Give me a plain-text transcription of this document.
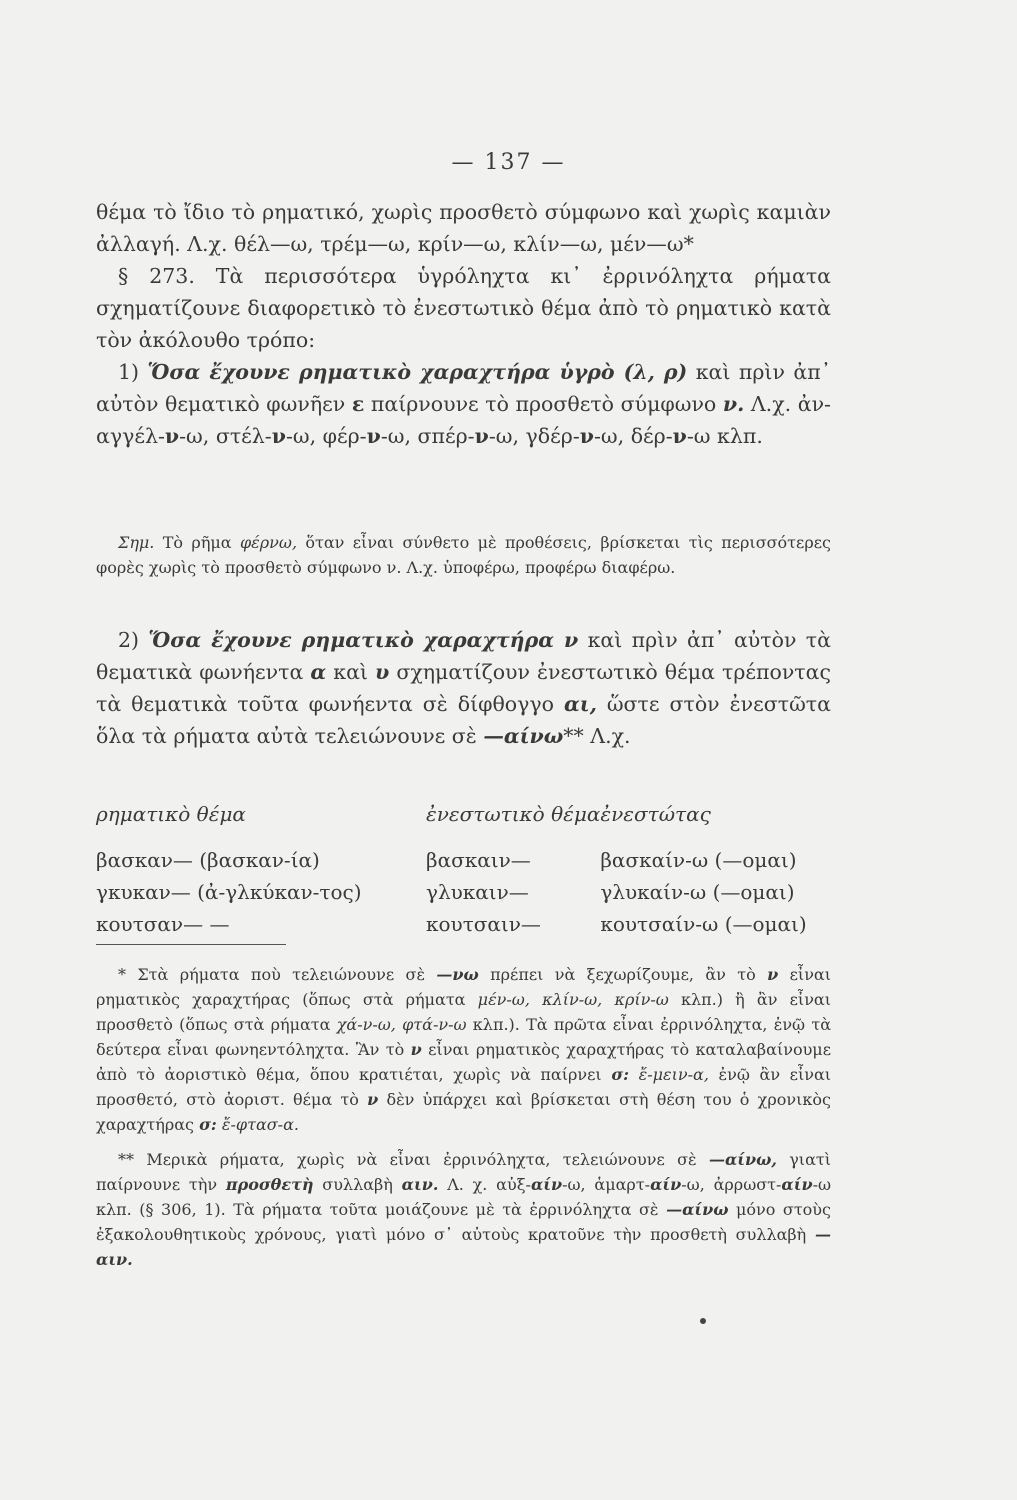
— 137 —

θέμα τὸ ἴδιο τὸ ρηματικό, χωρὶς προσθετὸ σύμφωνο καὶ χωρὶς καμιὰν ἀλλαγή. Λ.χ. θέλ—ω, τρέμ—ω, κρίν—ω, κλίν—ω, μέν—ω*

§ 273. Τὰ περισσότερα ὑγρόληχτα κι᾽ ἐρρινόληχτα ρήματα σχηματίζουνε διαφορετικὸ τὸ ἐνεστωτικὸ θέμα ἀπὸ τὸ ρηματικὸ κατὰ τὸν ἀκόλουθο τρόπο:

1) Ὅσα ἔχουνε ρηματικὸ χαραχτήρα ὑγρὸ (λ, ρ) καὶ πρὶν ἀπ᾽ αὐτὸν θεματικὸ φωνῆεν ε παίρνουνε τὸ προσθετὸ σύμφωνο ν. Λ.χ. ἀν-αγγέλ-ν-ω, στέλ-ν-ω, φέρ-ν-ω, σπέρ-ν-ω, γδέρ-ν-ω, δέρ-ν-ω κλπ.

Σημ. Τὸ ρῆμα φέρνω, ὅταν εἶναι σύνθετο μὲ προθέσεις, βρίσκεται τὶς περισσότερες φορὲς χωρὶς τὸ προσθετὸ σύμφωνο ν. Λ.χ. ὑποφέρω, προφέρω διαφέρω.

2) Ὅσα ἔχουνε ρηματικὸ χαραχτήρα ν καὶ πρὶν ἀπ᾽ αὐτὸν τὰ θεματικὰ φωνήεντα α καὶ υ σχηματίζουν ἐνεστωτικὸ θέμα τρέποντας τὰ θεματικὰ τοῦτα φωνήεντα σὲ δίφθογγο αι, ὥστε στὸν ἐνεστῶτα ὅλα τὰ ρήματα αὐτὰ τελειώνουνε σὲ —αίνω** Λ.χ.

ρηματικὸ θέμα	ἐνεστωτικὸ θέμα	ἐνεστώτας
βασκαν— (βασκαν-ία)	βασκαιν—	βασκαίν-ω (—ομαι)
γκυκαν— (ἀ-γλκύκαν-τος)	γλυκαιν—	γλυκαίν-ω (—ομαι)
κουτσαν— —	κουτσαιν—	κουτσαίν-ω (—ομαι)

* Στὰ ρήματα ποὺ τελειώνουνε σὲ —νω πρέπει νὰ ξεχωρίζουμε, ἂν τὸ ν εἶναι ρηματικὸς χαραχτήρας (ὅπως στὰ ρήματα μέν-ω, κλίν-ω, κρίν-ω κλπ.) ἢ ἂν εἶναι προσθετὸ (ὅπως στὰ ρήματα χά-ν-ω, φτά-ν-ω κλπ.). Τὰ πρῶτα εἶναι ἐρρινόληχτα, ἐνῷ τὰ δεύτερα εἶναι φωνηεντόληχτα. Ἂν τὸ ν εἶναι ρηματικὸς χαραχτήρας τὸ καταλαβαίνουμε ἀπὸ τὸ ἀοριστικὸ θέμα, ὅπου κρατιέται, χωρὶς νὰ παίρνει σ: ἔ-μειν-α, ἐνῷ ἂν εἶναι προσθετό, στὸ ἀοριστ. θέμα τὸ ν δὲν ὑπάρχει καὶ βρίσκεται στὴ θέση του ὁ χρονικὸς χαραχτήρας σ: ἔ-φτασ-α.

** Μερικὰ ρήματα, χωρὶς νὰ εἶναι ἐρρινόληχτα, τελειώνουνε σὲ —αίνω, γιατὶ παίρνουνε τὴν προσθετὴ συλλαβὴ αιν. Λ. χ. αὐξ-αίν-ω, ἁμαρτ-αίν-ω, ἀρρωστ-αίν-ω κλπ. (§ 306, 1). Τὰ ρήματα τοῦτα μοιάζουνε μὲ τὰ ἐρρινόληχτα σὲ —αίνω μόνο στοὺς ἐξακολουθητικοὺς χρόνους, γιατὶ μόνο σ᾽ αὐτοὺς κρατοῦνε τὴν προσθετὴ συλλαβὴ —αιν.
